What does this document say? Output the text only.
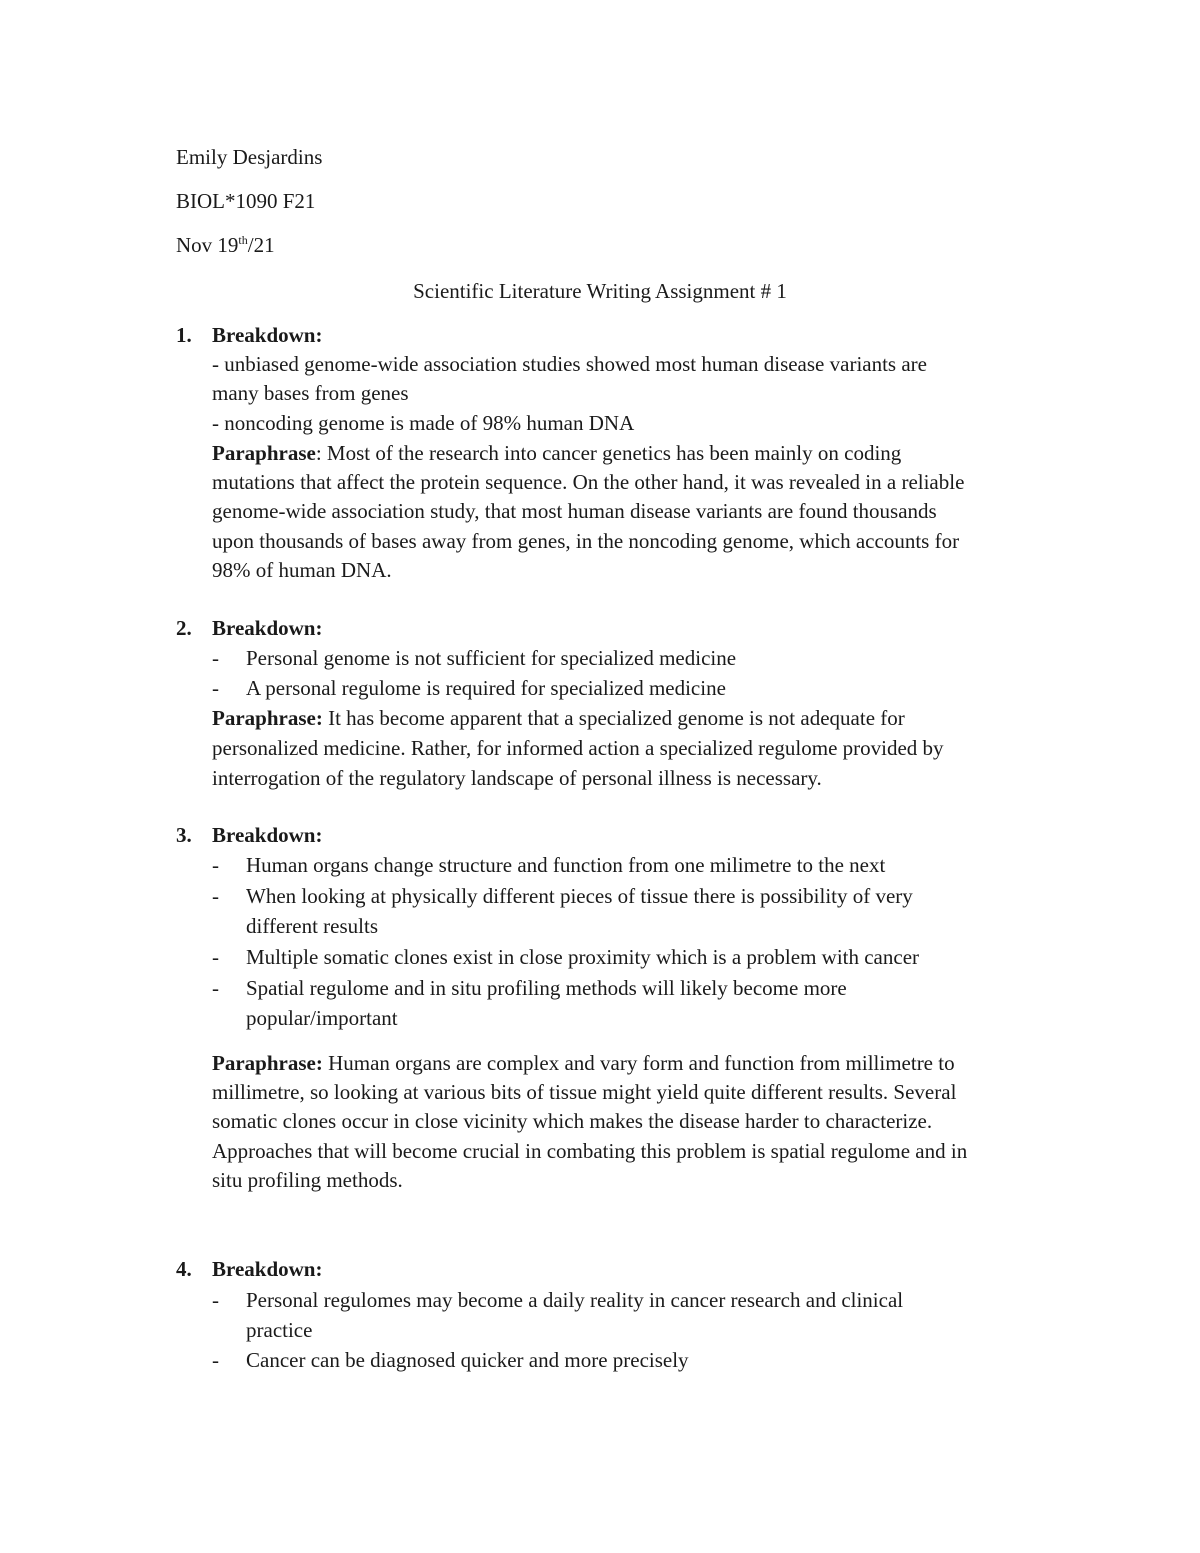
Emily Desjardins
BIOL*1090 F21
Nov 19th/21
Scientific Literature Writing Assignment # 1
1. Breakdown:
- unbiased genome-wide association studies showed most human disease variants are
many bases from genes
- noncoding genome is made of 98% human DNA
Paraphrase: Most of the research into cancer genetics has been mainly on coding
mutations that affect the protein sequence. On the other hand, it was revealed in a reliable
genome-wide association study, that most human disease variants are found thousands
upon thousands of bases away from genes, in the noncoding genome, which accounts for
98% of human DNA.
2. Breakdown:
- Personal genome is not sufficient for specialized medicine
- A personal regulome is required for specialized medicine
Paraphrase: It has become apparent that a specialized genome is not adequate for
personalized medicine. Rather, for informed action a specialized regulome provided by
interrogation of the regulatory landscape of personal illness is necessary.
3. Breakdown:
- Human organs change structure and function from one milimetre to the next
- When looking at physically different pieces of tissue there is possibility of very
different results
- Multiple somatic clones exist in close proximity which is a problem with cancer
- Spatial regulome and in situ profiling methods will likely become more
popular/important
Paraphrase: Human organs are complex and vary form and function from millimetre to
millimetre, so looking at various bits of tissue might yield quite different results. Several
somatic clones occur in close vicinity which makes the disease harder to characterize.
Approaches that will become crucial in combating this problem is spatial regulome and in
situ profiling methods.
4. Breakdown:
- Personal regulomes may become a daily reality in cancer research and clinical
practice
- Cancer can be diagnosed quicker and more precisely
